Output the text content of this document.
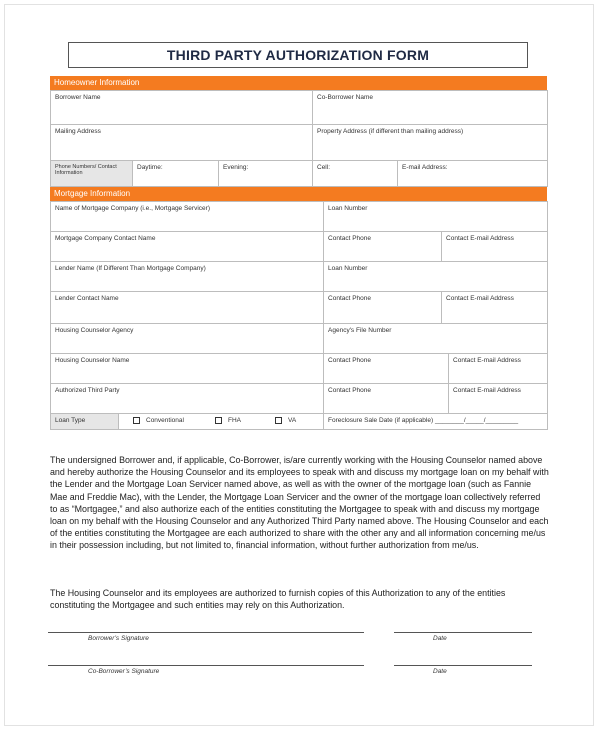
THIRD PARTY AUTHORIZATION FORM
Homeowner Information
Borrower Name			Co-Borrower Name	
Mailing Address			Property Address (if different than mailing address)	
Phone Numbers/ Contact Information	Daytime:	Evening:	Cell:	E-mail Address:
Mortgage Information
Name of Mortgage Company (i.e., Mortgage Servicer)		Loan Number		
Mortgage Company Contact Name		Contact Phone	Contact E-mail Address	
Lender Name (If Different Than Mortgage Company)		Loan Number		
Lender Contact Name		Contact Phone	Contact E-mail Address	
Housing Counselor Agency		Agency's File Number		
Housing Counselor Name		Contact Phone		Contact E-mail Address
Authorized Third Party		Contact Phone		Contact E-mail Address
Loan Type	Conventional FHA VA	Foreclosure Sale Date (if applicable) ________/_____/_________		
The undersigned Borrower and, if applicable, Co-Borrower, is/are currently working with the Housing Counselor named above and hereby authorize the Housing Counselor and its employees to speak with and discuss my mortgage loan on my behalf with the Lender and the Mortgage Loan Servicer named above, as well as with the owner of the mortgage loan (such as Fannie Mae and Freddie Mac), with the Lender, the Mortgage Loan Servicer and the owner of the mortgage loan collectively referred to as “Mortgagee,” and also authorize each of the entities constituting the Mortgagee to speak with and discuss my mortgage loan on my behalf with the Housing Counselor and any Authorized Third Party named above. The Housing Counselor and each of the entities constituting the Mortgagee are each authorized to share with the other any and all information concerning me/us in their possession including, but not limited to, financial information, without further authorization from me/us.
The Housing Counselor and its employees are authorized to furnish copies of this Authorization to any of the entities constituting the Mortgagee and such entities may rely on this Authorization.
Borrower’s Signature	Date
Co-Borrower’s Signature	Date
